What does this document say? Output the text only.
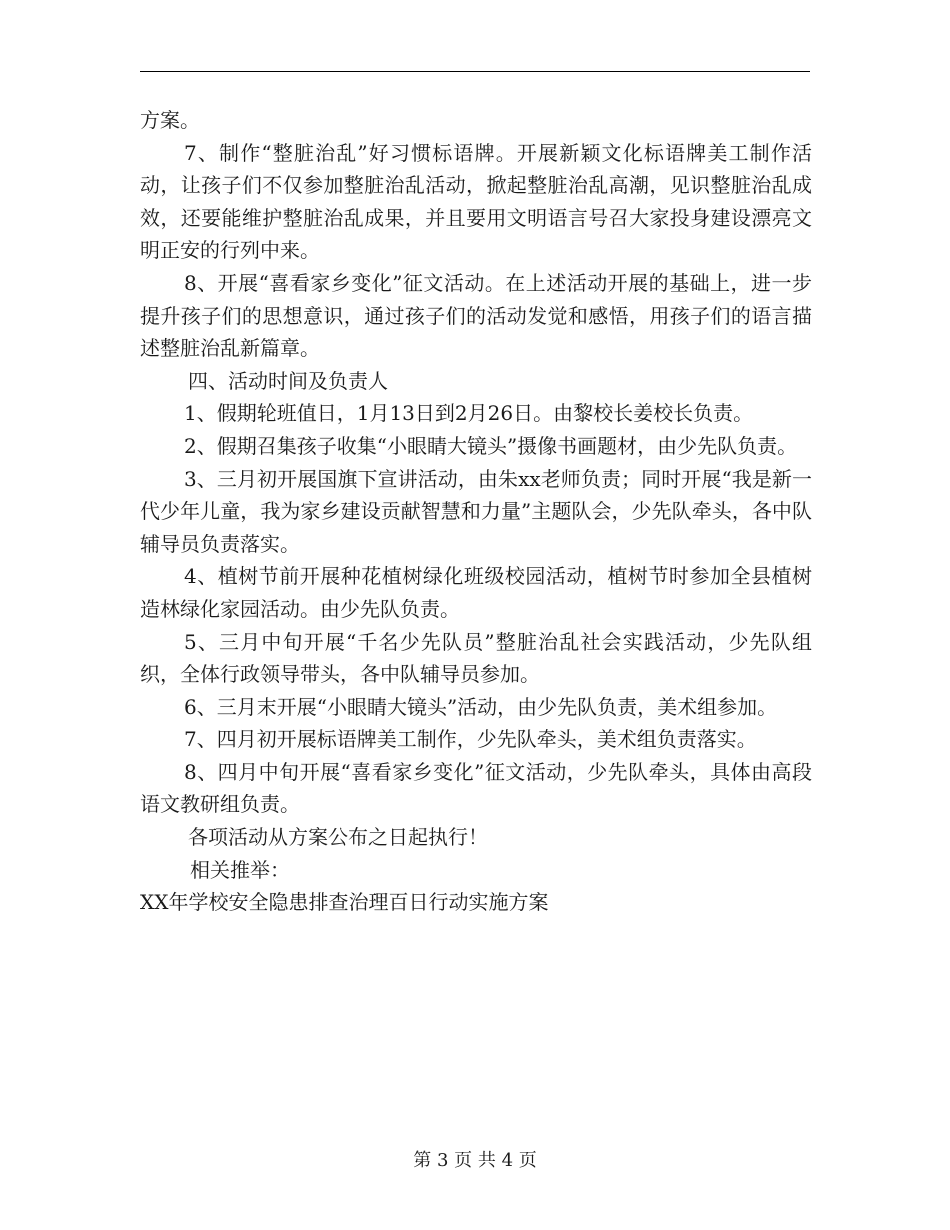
方案。

7、制作“整脏治乱”好习惯标语牌。开展新颖文化标语牌美工制作活动，让孩子们不仅参加整脏治乱活动，掀起整脏治乱高潮，见识整脏治乱成效，还要能维护整脏治乱成果，并且要用文明语言号召大家投身建设漂亮文明正安的行列中来。

8、开展“喜看家乡变化”征文活动。在上述活动开展的基础上，进一步提升孩子们的思想意识，通过孩子们的活动发觉和感悟，用孩子们的语言描述整脏治乱新篇章。

四、活动时间及负责人

1、假期轮班值日，1月13日到2月26日。由黎校长姜校长负责。

2、假期召集孩子收集“小眼睛大镜头”摄像书画题材，由少先队负责。

3、三月初开展国旗下宣讲活动，由朱xx老师负责；同时开展“我是新一代少年儿童，我为家乡建设贡献智慧和力量”主题队会，少先队牵头，各中队辅导员负责落实。

4、植树节前开展种花植树绿化班级校园活动，植树节时参加全县植树造林绿化家园活动。由少先队负责。

5、三月中旬开展“千名少先队员”整脏治乱社会实践活动，少先队组织，全体行政领导带头，各中队辅导员参加。

6、三月末开展“小眼睛大镜头”活动，由少先队负责，美术组参加。

7、四月初开展标语牌美工制作，少先队牵头，美术组负责落实。

8、四月中旬开展“喜看家乡变化”征文活动，少先队牵头，具体由高段语文教研组负责。

各项活动从方案公布之日起执行！

相关推举：

XX年学校安全隐患排查治理百日行动实施方案

第 3 页 共 4 页
